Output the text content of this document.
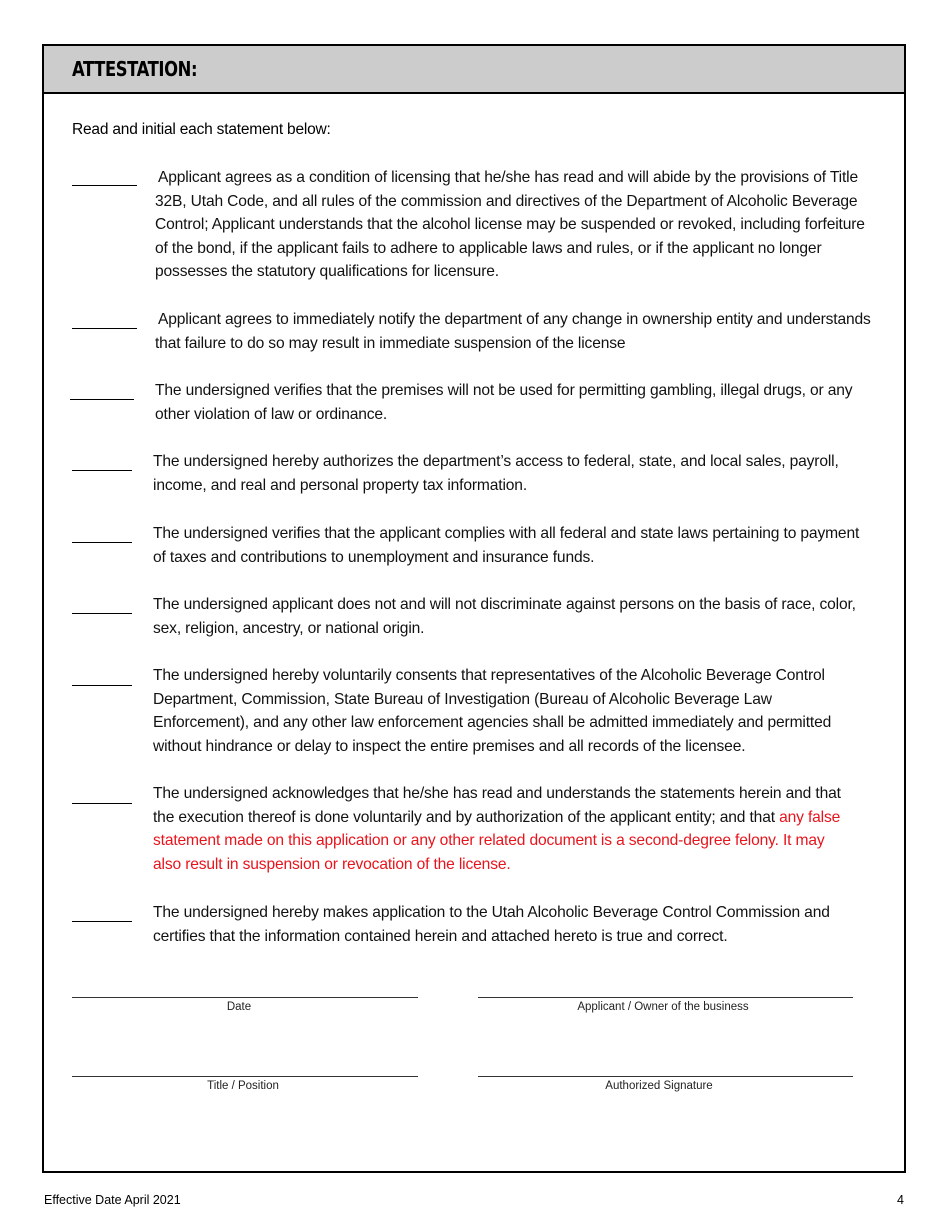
ATTESTATION:
Read and initial each statement below:
Applicant agrees as a condition of licensing that he/she has read and will abide by the provisions of Title 32B, Utah Code, and all rules of the commission and directives of the Department of Alcoholic Beverage Control; Applicant understands that the alcohol license may be suspended or revoked, including forfeiture of the bond, if the applicant fails to adhere to applicable laws and rules, or if the applicant no longer possesses the statutory qualifications for licensure.
Applicant agrees to immediately notify the department of any change in ownership entity and understands that failure to do so may result in immediate suspension of the license
The undersigned verifies that the premises will not be used for permitting gambling, illegal drugs, or any other violation of law or ordinance.
The undersigned hereby authorizes the department’s access to federal, state, and local sales, payroll, income, and real and personal property tax information.
The undersigned verifies that the applicant complies with all federal and state laws pertaining to payment of taxes and contributions to unemployment and insurance funds.
The undersigned applicant does not and will not discriminate against persons on the basis of race, color, sex, religion, ancestry, or national origin.
The undersigned hereby voluntarily consents that representatives of the Alcoholic Beverage Control Department, Commission, State Bureau of Investigation (Bureau of Alcoholic Beverage Law Enforcement), and any other law enforcement agencies shall be admitted immediately and permitted without hindrance or delay to inspect the entire premises and all records of the licensee.
The undersigned acknowledges that he/she has read and understands the statements herein and that the execution thereof is done voluntarily and by authorization of the applicant entity; and that any false statement made on this application or any other related document is a second-degree felony. It may also result in suspension or revocation of the license.
The undersigned hereby makes application to the Utah Alcoholic Beverage Control Commission and certifies that the information contained herein and attached hereto is true and correct.
Date	Applicant / Owner of the business
Title / Position	Authorized Signature
Effective Date April 2021	4
